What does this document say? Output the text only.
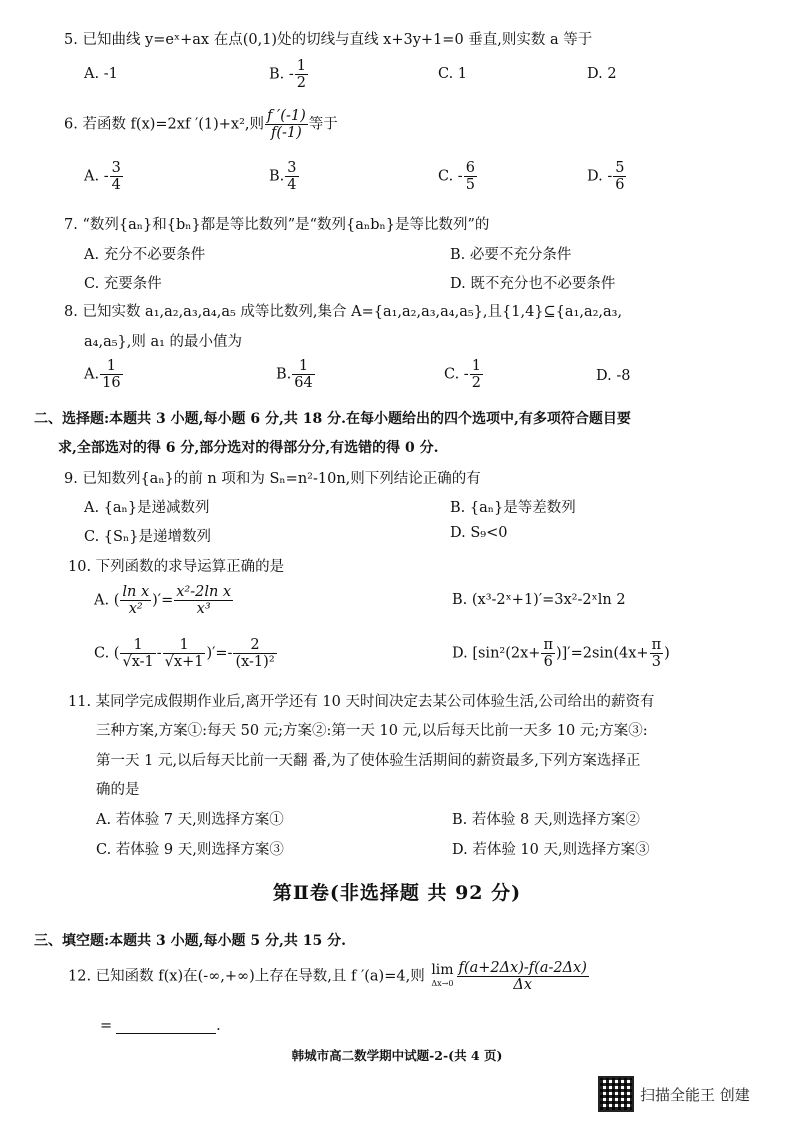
5. 已知曲线 y=eˣ+ax 在点(0,1)处的切线与直线 x+3y+1=0 垂直,则实数 a 等于
A. -1	B. - $\frac{1}{2}$	C. 1	D. 2
6. 若函数 f(x)=2xf ′(1)+x²,则 $\frac{f '(-1)}{f(-1)}$ 等于
A. - $\frac{3}{4}$	B. $\frac{3}{4}$	C. - $\frac{6}{5}$	D. - $\frac{5}{6}$
7. “数列{aₙ}和{bₙ}都是等比数列”是“数列{aₙbₙ}是等比数列”的
A. 充分不必要条件	B. 必要不充分条件
C. 充要条件	D. 既不充分也不必要条件
8. 已知实数 a₁,a₂,a₃,a₄,a₅ 成等比数列,集合 A={a₁,a₂,a₃,a₄,a₅},且{1,4}⊆{a₁,a₂,a₃,
a₄,a₅},则 a₁ 的最小值为
A. $\frac{1}{16}$	B. $\frac{1}{64}$	C. - $\frac{1}{2}$	D. -8
二、选择题:本题共 3 小题,每小题 6 分,共 18 分.在每小题给出的四个选项中,有多项符合题目要
求,全部选对的得 6 分,部分选对的得部分分,有选错的得 0 分.
9. 已知数列{aₙ}的前 n 项和为 Sₙ=n²-10n,则下列结论正确的有
A. {aₙ}是递减数列	B. {aₙ}是等差数列
C. {Sₙ}是递增数列	D. S₉<0
10. 下列函数的求导运算正确的是
A. ( $\frac{\text{ln x}}{\text{x²}}$ )′= $\frac{\text{x²-2ln x}}{\text{x³}}$	B. (x³-2ˣ+1)′=3x²-2ˣln 2
C. ( $\frac{1}{√x-1} - \frac{1}{√x+1}$ )′=- $\frac{2}{\text{(x-1)²}}$	D. $[\sin^2(2x+ \frac{\pi}{6} )]'=2\sin(4x+ \frac{\pi}{3}$ )
11. 某同学完成假期作业后,离开学还有 10 天时间决定去某公司体验生活,公司给出的薪资有
三种方案,方案①:每天 50 元;方案②:第一天 10 元,以后每天比前一天多 10 元;方案③:
第一天 1 元,以后每天比前一天翻 番,为了使体验生活期间的薪资最多,下列方案选择正
确的是
A. 若体验 7 天,则选择方案①	B. 若体验 8 天,则选择方案②
C. 若体验 9 天,则选择方案③	D. 若体验 10 天,则选择方案③
第Ⅱ卷(非选择题 共 92 分)
三、填空题:本题共 3 小题,每小题 5 分,共 15 分.
12. 已知函数 f(x)在(-∞,+∞)上存在导数,且 f ′(a)=4,则 lim
$\Delta x\to 0 \frac{f(a+2\Delta x)-f(a-2\Delta x)}{\Delta x}$
=	.
韩城市高二数学期中试题-2-(共 4 页)
扫描全能王 创建
